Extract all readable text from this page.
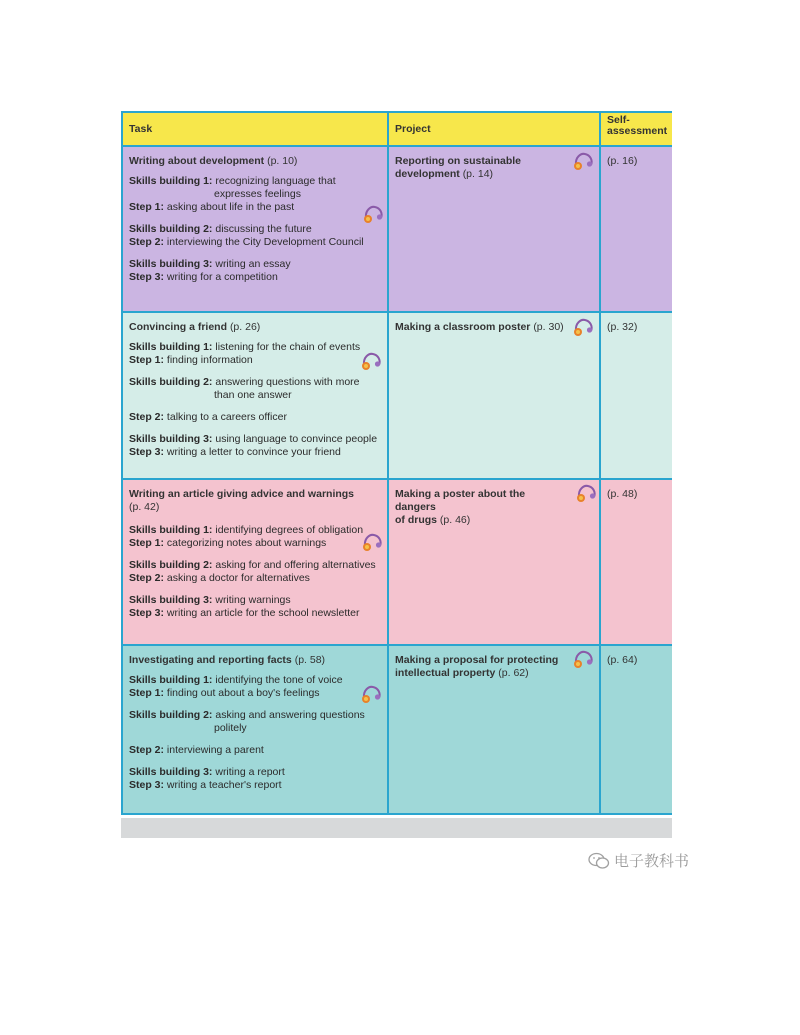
Task	Project
Self-
assessment
Writing about development (p. 10)
Skills building 1: recognizing language that
expresses feelings
Step 1: asking about life in the past
Skills building 2: discussing the future
Step 2: interviewing the City Development Council
Skills building 3: writing an essay
Step 3: writing for a competition
Reporting on sustainable
development (p. 14)
(p. 16)
Convincing a friend (p. 26)
Skills building 1: listening for the chain of events
Step 1: finding information
Skills building 2: answering questions with more
than one answer
Step 2: talking to a careers officer
Skills building 3: using language to convince people
Step 3: writing a letter to convince your friend
Making a classroom poster (p. 30)	(p. 32)
Writing an article giving advice and warnings
(p. 42)
Skills building 1: identifying degrees of obligation
Step 1: categorizing notes about warnings
Skills building 2: asking for and offering alternatives
Step 2: asking a doctor for alternatives
Skills building 3: writing warnings
Step 3: writing an article for the school newsletter
Making a poster about the dangers
of drugs (p. 46)
(p. 48)
Investigating and reporting facts (p. 58)
Skills building 1: identifying the tone of voice
Step 1: finding out about a boy's feelings
Skills building 2: asking and answering questions
politely
Step 2: interviewing a parent
Skills building 3: writing a report
Step 3: writing a teacher's report
Making a proposal for protecting
intellectual property (p. 62)
(p. 64)
电子教科书
